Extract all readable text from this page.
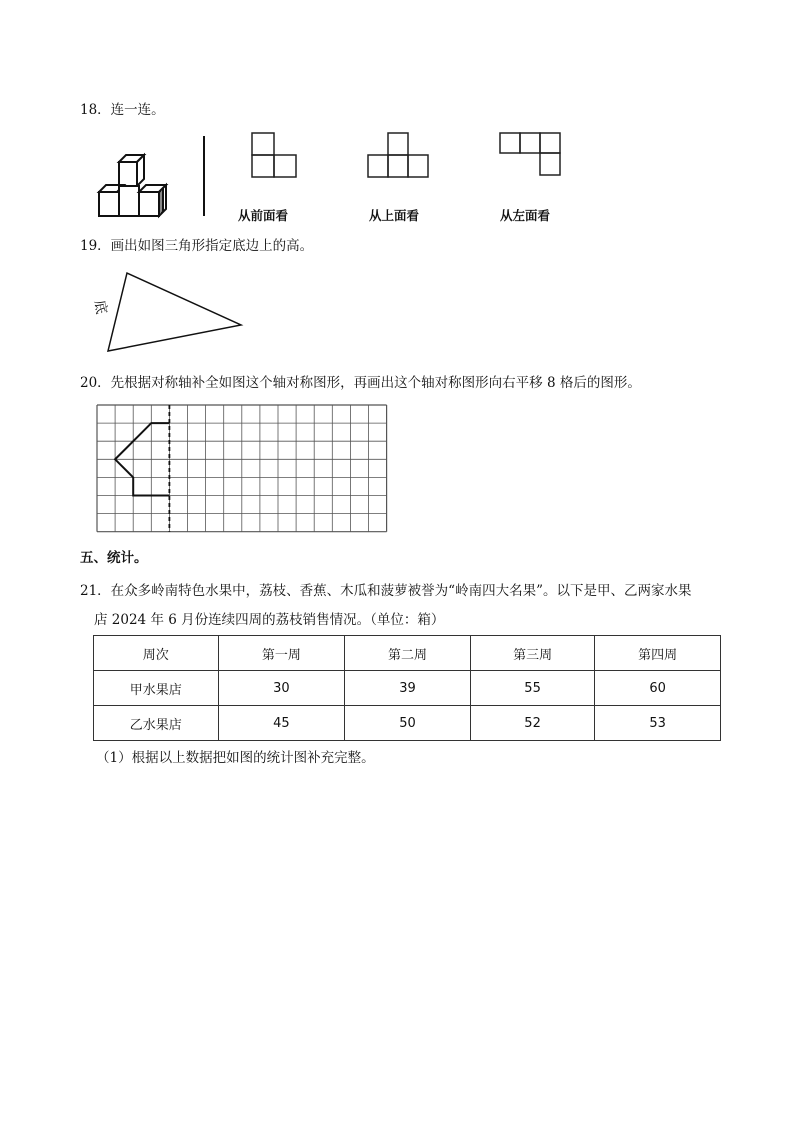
18．连一连。
从前面看	从上面看	从左面看
19．画出如图三角形指定底边上的高。
底
20．先根据对称轴补全如图这个轴对称图形，再画出这个轴对称图形向右平移 8 格后的图形。
五、统计。
21．在众多岭南特色水果中，荔枝、香蕉、木瓜和菠萝被誉为“岭南四大名果”。以下是甲、乙两家水果
店 2024 年 6 月份连续四周的荔枝销售情况。（单位：箱）
周次	第一周	第二周	第三周	第四周
甲水果店	30	39	55	60
乙水果店	45	50	52	53
（1）根据以上数据把如图的统计图补充完整。
